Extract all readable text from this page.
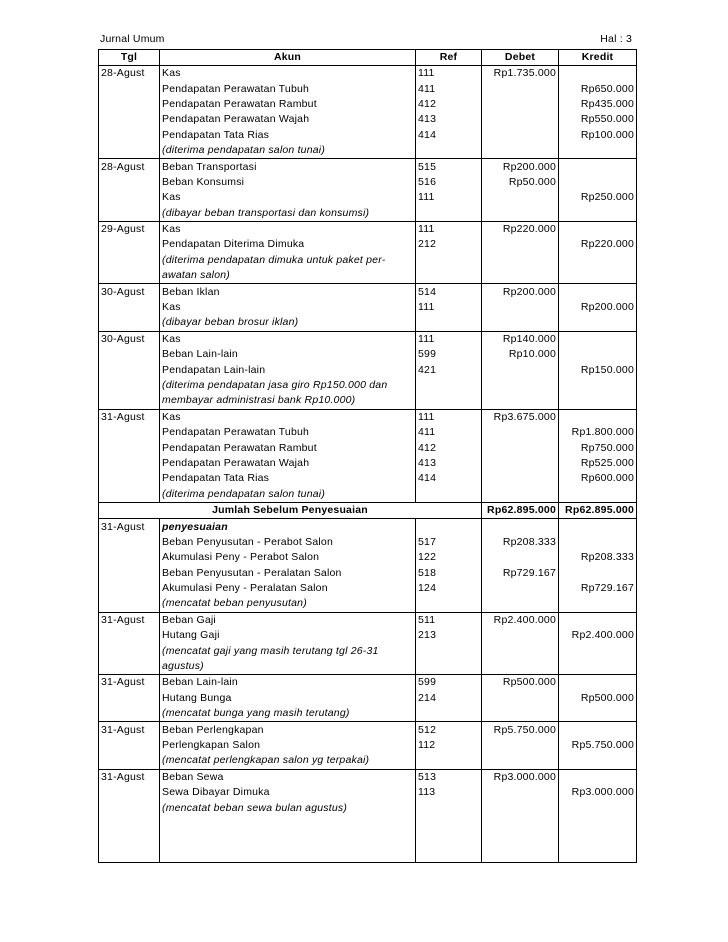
Jurnal Umum	Hal : 3
Tgl	Akun	Ref	Debet	Kredit
28-Agust	Kas	111	Rp1.735.000	
	Pendapatan Perawatan Tubuh	411		Rp650.000
	Pendapatan Perawatan Rambut	412		Rp435.000
	Pendapatan Perawatan Wajah	413		Rp550.000
	Pendapatan Tata Rias	414		Rp100.000
	(diterima pendapatan salon tunai)			
28-Agust	Beban Transportasi	515	Rp200.000	
	Beban Konsumsi	516	Rp50.000	
	Kas	111		Rp250.000
	(dibayar beban transportasi dan konsumsi)			
29-Agust	Kas	111	Rp220.000	
	Pendapatan Diterima Dimuka	212		Rp220.000
	(diterima pendapatan dimuka untuk paket per-			
	awatan salon)			
30-Agust	Beban Iklan	514	Rp200.000	
	Kas	111		Rp200.000
	(dibayar beban brosur iklan)			
30-Agust	Kas	111	Rp140.000	
	Beban Lain-lain	599	Rp10.000	
	Pendapatan Lain-lain	421		Rp150.000
	(diterima pendapatan jasa giro Rp150.000 dan			
	membayar administrasi bank Rp10.000)			
31-Agust	Kas	111	Rp3.675.000	
	Pendapatan Perawatan Tubuh	411		Rp1.800.000
	Pendapatan Perawatan Rambut	412		Rp750.000
	Pendapatan Perawatan Wajah	413		Rp525.000
	Pendapatan Tata Rias	414		Rp600.000
	(diterima pendapatan salon tunai)			
Jumlah Sebelum Penyesuaian			Rp62.895.000	Rp62.895.000
31-Agust	penyesuaian			
	Beban Penyusutan - Perabot Salon	517	Rp208.333	
	Akumulasi Peny - Perabot Salon	122		Rp208.333
	Beban Penyusutan - Peralatan Salon	518	Rp729.167	
	Akumulasi Peny - Peralatan Salon	124		Rp729.167
	(mencatat beban penyusutan)			
31-Agust	Beban Gaji	511	Rp2.400.000	
	Hutang Gaji	213		Rp2.400.000
	(mencatat gaji yang masih terutang tgl 26-31			
	agustus)			
31-Agust	Beban Lain-lain	599	Rp500.000	
	Hutang Bunga	214		Rp500.000
	(mencatat bunga yang masih terutang)			
31-Agust	Beban Perlengkapan	512	Rp5.750.000	
	Perlengkapan Salon	112		Rp5.750.000
	(mencatat perlengkapan salon yg terpakai)			
31-Agust	Beban Sewa	513	Rp3.000.000	
	Sewa Dibayar Dimuka	113		Rp3.000.000
	(mencatat beban sewa bulan agustus)			
